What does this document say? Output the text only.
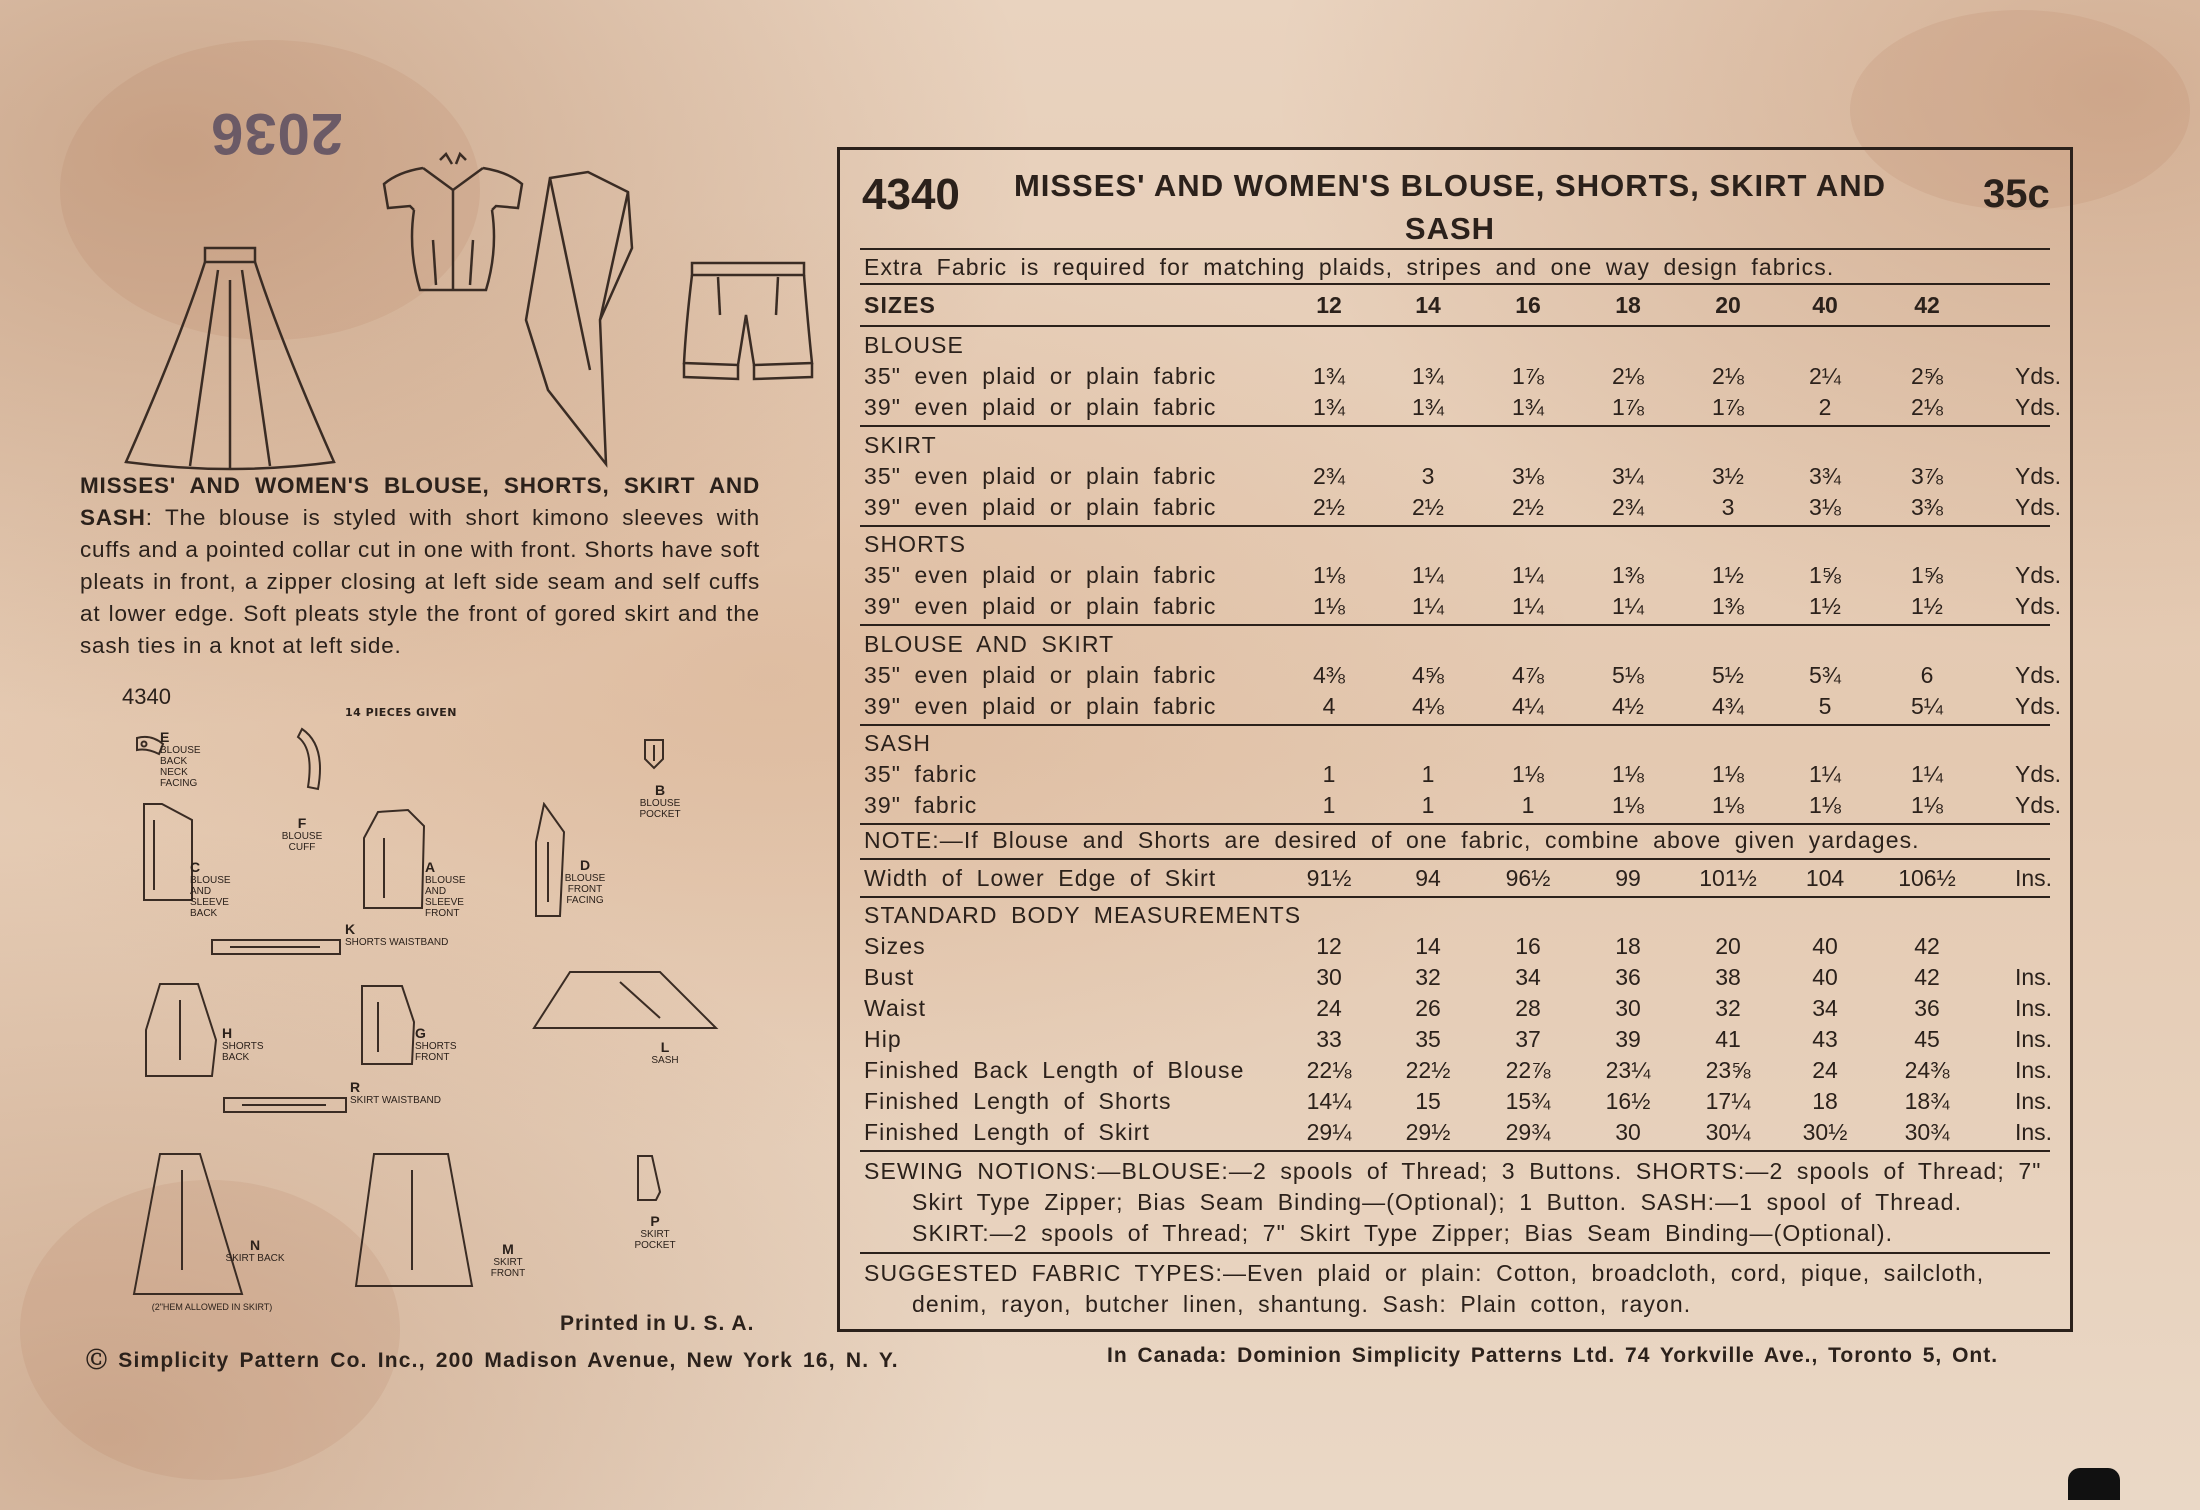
2036
MISSES' AND WOMEN'S BLOUSE, SHORTS, SKIRT AND SASH: The blouse is styled with short kimono sleeves with cuffs and a pointed collar cut in one with front. Shorts have soft pleats in front, a zipper closing at left side seam and self cuffs at lower edge. Soft pleats style the front of gored skirt and the sash ties in a knot at left side.
4340
14 PIECES GIVEN
E
BLOUSE BACK NECK FACING
F
BLOUSE CUFF
B
BLOUSE POCKET
C
BLOUSE AND SLEEVE BACK
A
BLOUSE AND SLEEVE FRONT
D
BLOUSE FRONT FACING
K
SHORTS WAISTBAND
H
SHORTS BACK
G
SHORTS FRONT
L
SASH
R
SKIRT WAISTBAND
N
SKIRT BACK
M
SKIRT FRONT
P
SKIRT POCKET
(2"HEM ALLOWED IN SKIRT)
Printed in U. S. A.
Ⓒ Simplicity Pattern Co. Inc., 200 Madison Avenue, New York 16, N. Y.	In Canada: Dominion Simplicity Patterns Ltd. 74 Yorkville Ave., Toronto 5, Ont.
4340	MISSES' AND WOMEN'S BLOUSE, SHORTS, SKIRT AND SASH
35c
Extra Fabric is required for matching plaids, stripes and one way design fabrics.
SIZES	12	14	16	18	20	40	42
BLOUSE
35" even plaid or plain fabric	1¾	1¾	1⅞	2⅛	2⅛	2¼	2⅝	Yds.
39" even plaid or plain fabric	1¾	1¾	1¾	1⅞	1⅞	2	2⅛	Yds.
SKIRT
35" even plaid or plain fabric	2¾	3	3⅛	3¼	3½	3¾	3⅞	Yds.
39" even plaid or plain fabric	2½	2½	2½	2¾	3	3⅛	3⅜	Yds.
SHORTS
35" even plaid or plain fabric	1⅛	1¼	1¼	1⅜	1½	1⅝	1⅝	Yds.
39" even plaid or plain fabric	1⅛	1¼	1¼	1¼	1⅜	1½	1½	Yds.
BLOUSE AND SKIRT
35" even plaid or plain fabric	4⅜	4⅝	4⅞	5⅛	5½	5¾	6	Yds.
39" even plaid or plain fabric	4	4⅛	4¼	4½	4¾	5	5¼	Yds.
SASH
35" fabric	1	1	1⅛	1⅛	1⅛	1¼	1¼	Yds.
39" fabric	1	1	1	1⅛	1⅛	1⅛	1⅛	Yds.
NOTE:—If Blouse and Shorts are desired of one fabric, combine above given yardages.
Width of Lower Edge of Skirt	91½	94	96½	99	101½	104	106½	Ins.
STANDARD BODY MEASUREMENTS
Sizes	12	14	16	18	20	40	42
Bust	30	32	34	36	38	40	42	Ins.
Waist	24	26	28	30	32	34	36	Ins.
Hip	33	35	37	39	41	43	45	Ins.
Finished Back Length of Blouse	22⅛	22½	22⅞	23¼	23⅝	24	24⅜	Ins.
Finished Length of Shorts	14¼	15	15¾	16½	17¼	18	18¾	Ins.
Finished Length of Skirt	29¼	29½	29¾	30	30¼	30½	30¾	Ins.
SEWING NOTIONS:—BLOUSE:—2 spools of Thread; 3 Buttons. SHORTS:—2 spools of Thread; 7"
Skirt Type Zipper; Bias Seam Binding—(Optional); 1 Button. SASH:—1 spool of Thread.
SKIRT:—2 spools of Thread; 7" Skirt Type Zipper; Bias Seam Binding—(Optional).
SUGGESTED FABRIC TYPES:—Even plaid or plain: Cotton, broadcloth, cord, pique, sailcloth,
denim, rayon, butcher linen, shantung. Sash: Plain cotton, rayon.
